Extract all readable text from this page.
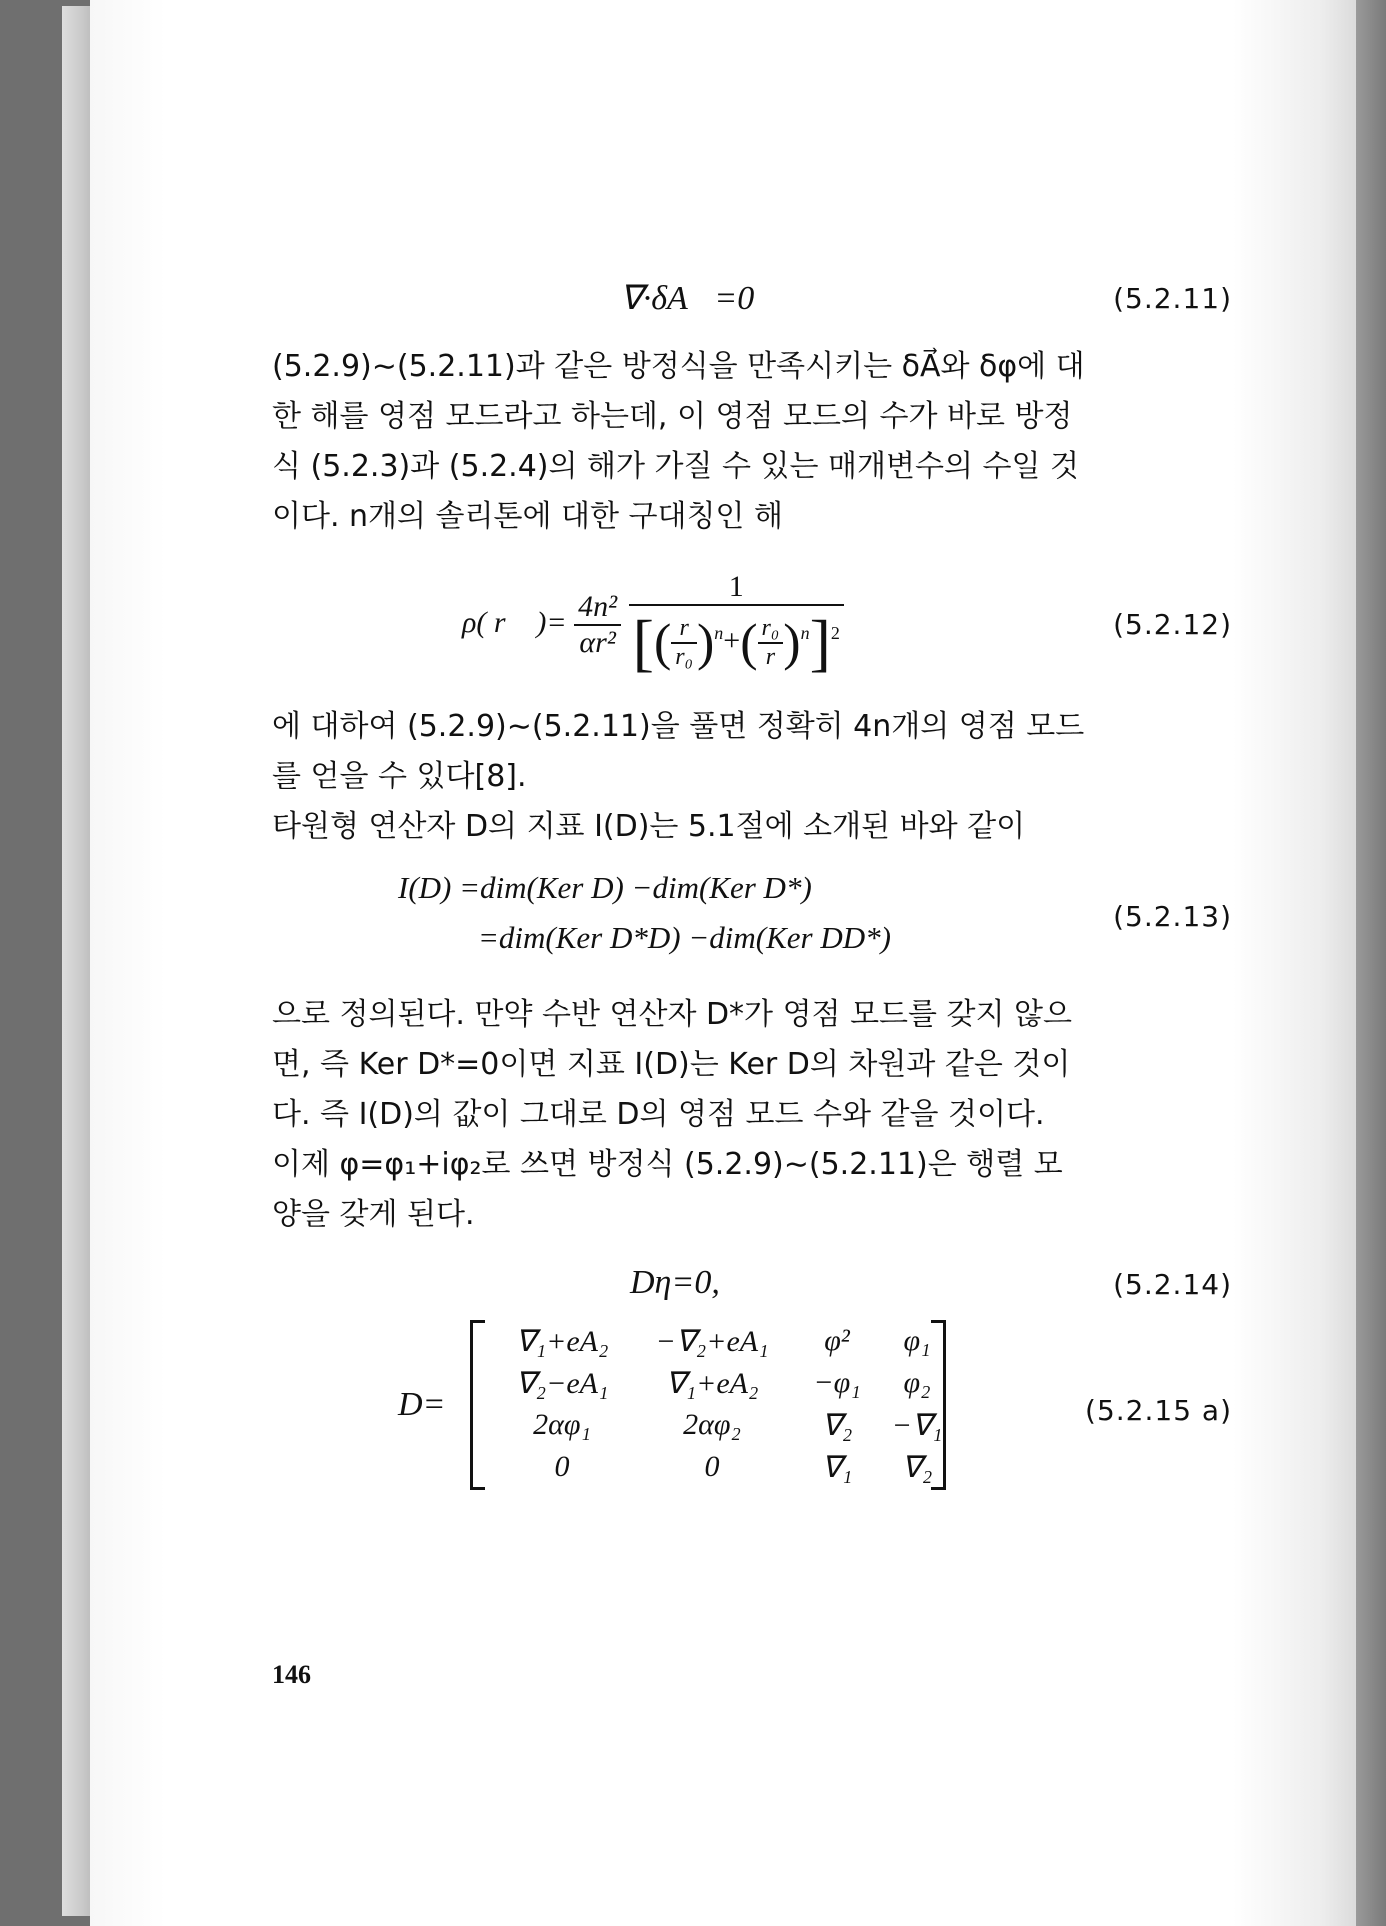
∇·δA⃗=0	(5.2.11)
(5.2.9)∼(5.2.11)과 같은 방정식을 만족시키는 δA⃗와 δφ에 대
한 해를 영점 모드라고 하는데, 이 영점 모드의 수가 바로 방정
식 (5.2.3)과 (5.2.4)의 해가 가질 수 있는 매개변수의 수일 것
이다. n개의 솔리톤에 대한 구대칭인 해
ρ( r⃗ )= $\frac{\text{4n²}}{\text{αr²}}$
$\frac{1}{[( \frac{r}{\text{r₀}} )^n+( \frac{\text{r₀}}{r} )^n]^2}$	(5.2.12)
에 대하여 (5.2.9)∼(5.2.11)을 풀면 정확히 4n개의 영점 모드
를 얻을 수 있다[8].
타원형 연산자 D의 지표 I(D)는 5.1절에 소개된 바와 같이
I(D) =dim(Ker D) −dim(Ker D*)
=dim(Ker D*D) −dim(Ker DD*)
(5.2.13)
으로 정의된다. 만약 수반 연산자 D*가 영점 모드를 갖지 않으
면, 즉 Ker D*=0이면 지표 I(D)는 Ker D의 차원과 같은 것이
다. 즉 I(D)의 값이 그대로 D의 영점 모드 수와 같을 것이다.
이제 φ=φ₁+iφ₂로 쓰면 방정식 (5.2.9)∼(5.2.11)은 행렬 모
양을 갖게 된다.
Dη=0,	(5.2.14)
D=
∇₁+eA₂	−∇₂+eA₁	φ²	φ₁
∇₂−eA₁	∇₁+eA₂	−φ₁	φ₂
2αφ₁	2αφ₂	∇₂	−∇₁
0	0	∇₁	∇₂
(5.2.15 a)
146
